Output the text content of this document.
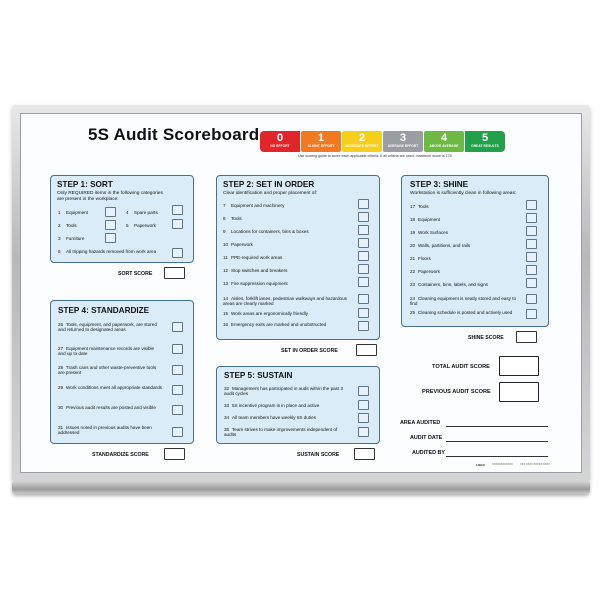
5S Audit Scoreboard	0
NO EFFORT
1
SLIGHT EFFORT
2
MODERATE EFFORT
3
AVERAGE EFFORT
4
ABOVE AVERAGE
5
GREAT RESULTS
Use scoring guide to score each applicable criteria. If all criteria are used, maximum score is 175.
STEP 1: SORT
Only REQUIRED items in the following categories
are present in the workplace:
1 Equipment
2 Tools
3 Furniture
4 Spare parts
5 Paperwork
6 All tripping hazards removed from work area
SORT SCORE
STEP 2: SET IN ORDER
Clear identification and proper placement of:
7 Equipment and machinery
8 Tools
9 Locations for containers, bins & boxes
10 Paperwork
11 PPE-required work areas
12 Stop switches and breakers
13 Fire suppression equipment
14 Aisles, forklift lanes, pedestrian walkways and hazardous areas are clearly marked
15 Work areas are ergonomically friendly
16 Emergency exits are marked and unobstructed
SET IN ORDER SCORE
STEP 3: SHINE
Workstation is sufficiently clean in following areas:
17 Tools
18 Equipment
19 Work Surfaces
20 Walls, partitions, and rails
21 Floors
22 Paperwork
23 Containers, bins, labels, and signs
24 Cleaning equipment is neatly stored and easy to find
25 Cleaning schedule is posted and actively used
SHINE SCORE
STEP 4: STANDARDIZE
26 Tools, equipment, and paperwork, are stored and returned to designated areas
27 Equipment maintenance records are visible and up to date
28 Trash cans and other waste-preventive tools are present
29 Work conditions meet all appropriate standards
30 Previous audit results are posted and visible
31 Issues noted in previous audits have been addressed
STANDARDIZE SCORE
STEP 5: SUSTAIN
32 Management has participated in audit within the past 3 audit cycles
33 5S incentive program is in place and active
34 All team members have weekly 5S duties
35 Team strives to make improvements independent of audits
SUSTAIN SCORE
TOTAL AUDIT SCORE
PREVIOUS AUDIT SCORE
AREA AUDITED
AUDIT DATE
AUDITED BY
LOGO	XXXXXXXXXXXX	XXX XXXX XXXXX XXXX
